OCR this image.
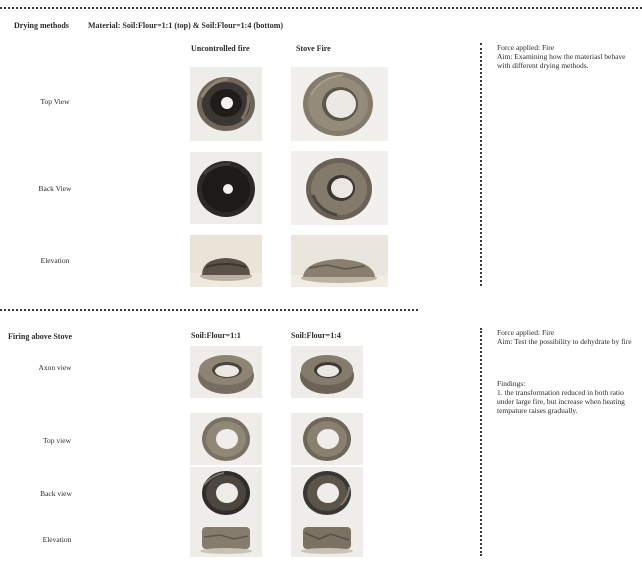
Drying methods Material: Soil:Flour=1:1 (top) & Soil:Flour=1:4 (bottom)
Uncontrolled fire	Stove Fire
Top View
Back View
Elevation
Force applied: Fire
Aim: Examining how the materiasl behave with different drying methods.
Firing above Stove	Soil:Flour=1:1	Soil:Flour=1:4
Axon view
Top view
Back view
Elevation
Force applied: Fire
Aim: Test the possibility to dehydrate by fire
Findings:
1. the transformation reduced in both ratio under large fire, but increase when heating tempature raises gradually.
